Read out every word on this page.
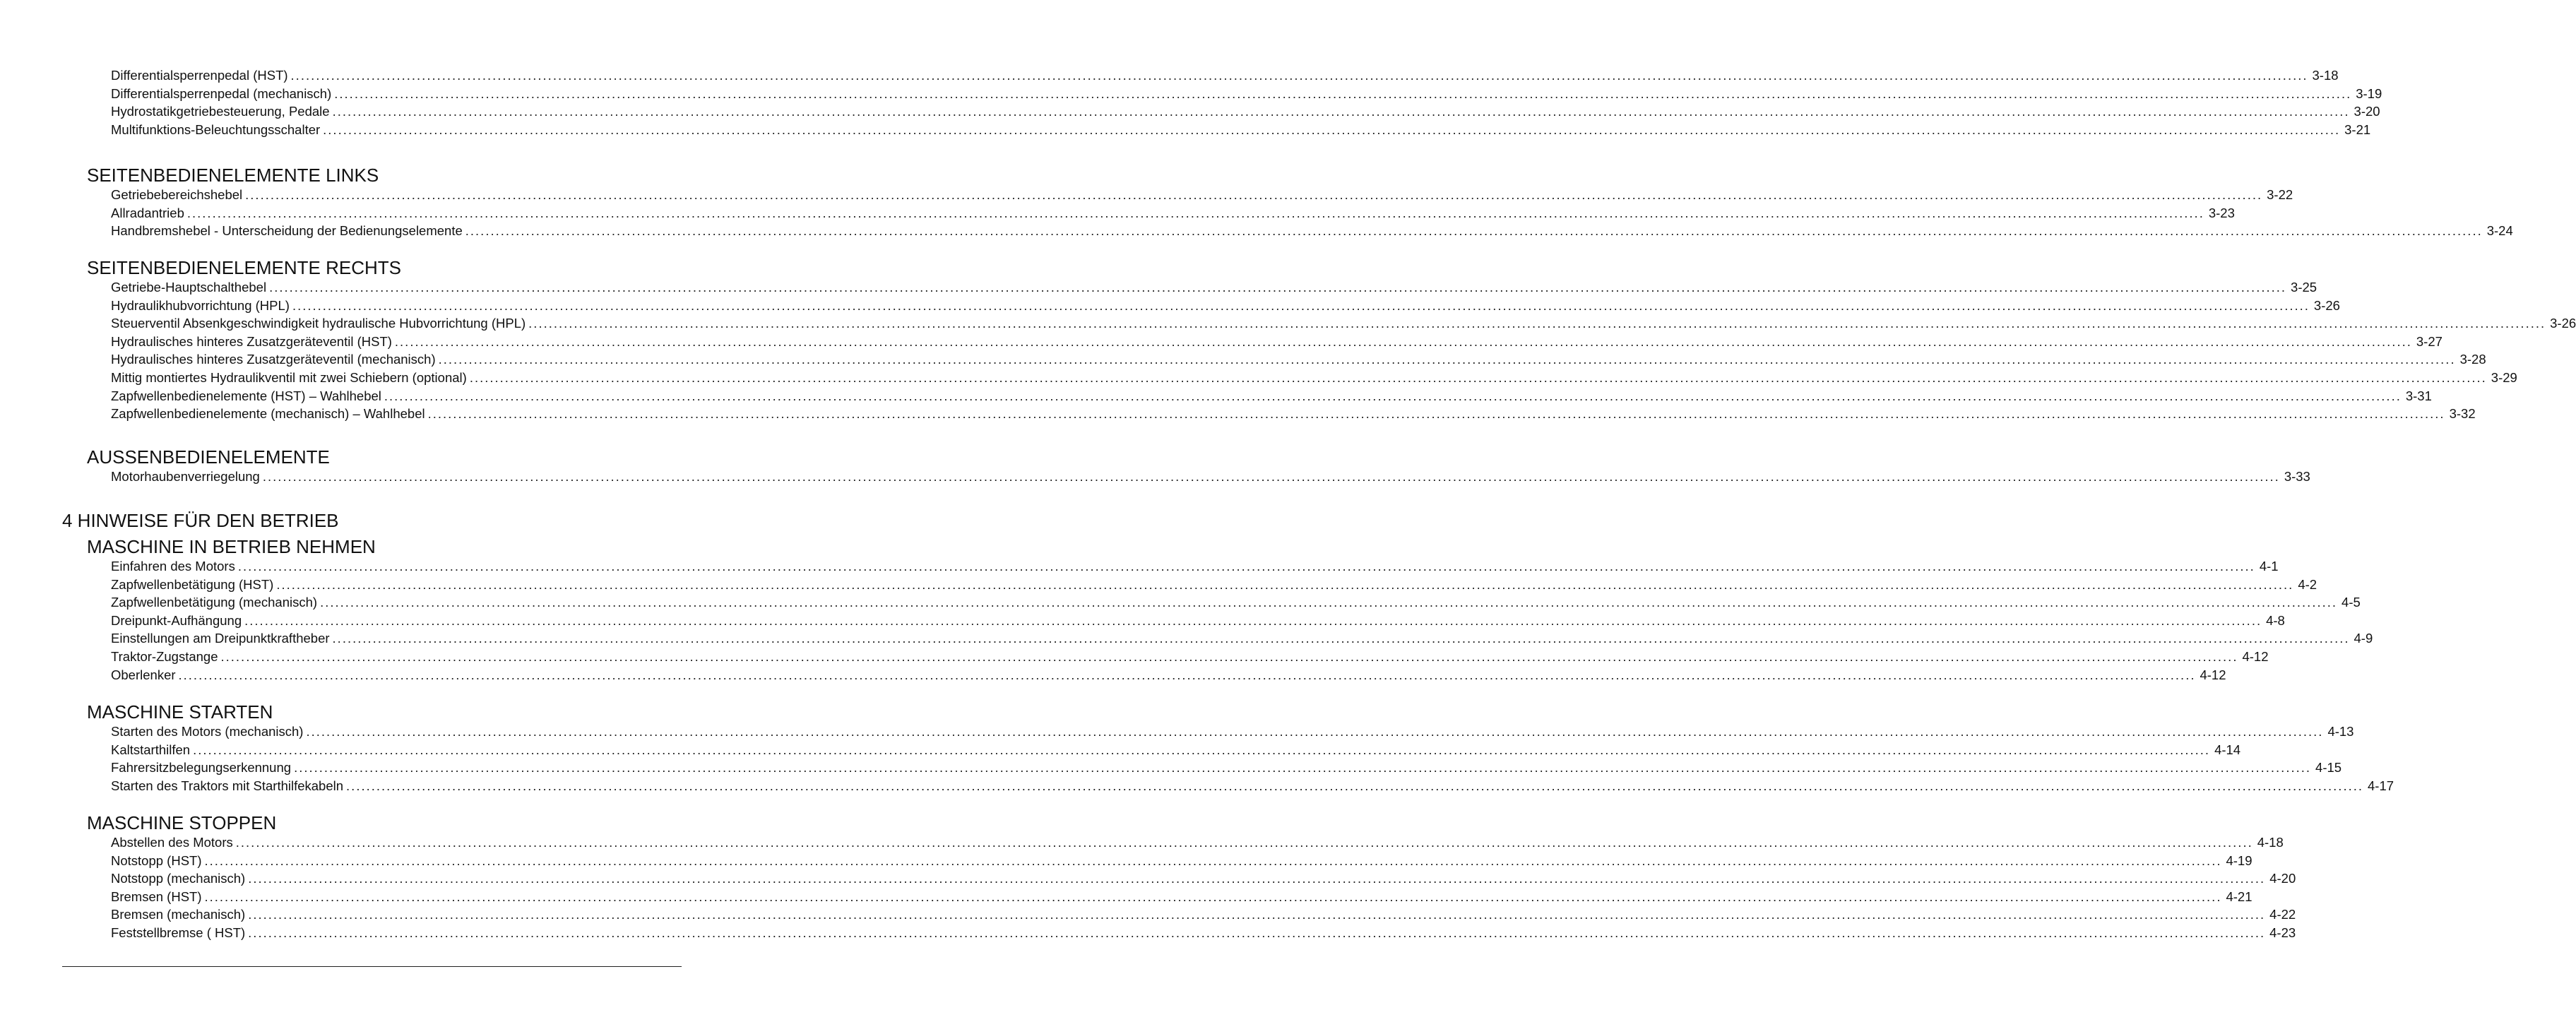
Differentialsperrenpedal (HST) ................................................................................................................................................................................................................................................................................................................................................................................................................ 3-18
Differentialsperrenpedal (mechanisch) ................................................................................................................................................................................................................................................................................................................................................................................................................ 3-19
Hydrostatikgetriebesteuerung, Pedale ................................................................................................................................................................................................................................................................................................................................................................................................................ 3-20
Multifunktions-Beleuchtungsschalter ................................................................................................................................................................................................................................................................................................................................................................................................................ 3-21
SEITENBEDIENELEMENTE LINKS
Getriebebereichshebel ................................................................................................................................................................................................................................................................................................................................................................................................................ 3-22
Allradantrieb ................................................................................................................................................................................................................................................................................................................................................................................................................ 3-23
Handbremshebel - Unterscheidung der Bedienungselemente ................................................................................................................................................................................................................................................................................................................................................................................................................ 3-24
SEITENBEDIENELEMENTE RECHTS
Getriebe-Hauptschalthebel ................................................................................................................................................................................................................................................................................................................................................................................................................ 3-25
Hydraulikhubvorrichtung (HPL) ................................................................................................................................................................................................................................................................................................................................................................................................................ 3-26
Steuerventil Absenkgeschwindigkeit hydraulische Hubvorrichtung (HPL) ................................................................................................................................................................................................................................................................................................................................................................................................................ 3-26
Hydraulisches hinteres Zusatzgeräteventil (HST) ................................................................................................................................................................................................................................................................................................................................................................................................................ 3-27
Hydraulisches hinteres Zusatzgeräteventil (mechanisch) ................................................................................................................................................................................................................................................................................................................................................................................................................ 3-28
Mittig montiertes Hydraulikventil mit zwei Schiebern (optional) ................................................................................................................................................................................................................................................................................................................................................................................................................ 3-29
Zapfwellenbedienelemente (HST) – Wahlhebel ................................................................................................................................................................................................................................................................................................................................................................................................................ 3-31
Zapfwellenbedienelemente (mechanisch) – Wahlhebel ................................................................................................................................................................................................................................................................................................................................................................................................................ 3-32
AUSSENBEDIENELEMENTE
Motorhaubenverriegelung ................................................................................................................................................................................................................................................................................................................................................................................................................ 3-33
4 HINWEISE FÜR DEN BETRIEB
MASCHINE IN BETRIEB NEHMEN
Einfahren des Motors ................................................................................................................................................................................................................................................................................................................................................................................................................ 4-1
Zapfwellenbetätigung (HST) ................................................................................................................................................................................................................................................................................................................................................................................................................ 4-2
Zapfwellenbetätigung (mechanisch) ................................................................................................................................................................................................................................................................................................................................................................................................................ 4-5
Dreipunkt-Aufhängung ................................................................................................................................................................................................................................................................................................................................................................................................................ 4-8
Einstellungen am Dreipunktkraftheber ................................................................................................................................................................................................................................................................................................................................................................................................................ 4-9
Traktor-Zugstange ................................................................................................................................................................................................................................................................................................................................................................................................................ 4-12
Oberlenker ................................................................................................................................................................................................................................................................................................................................................................................................................ 4-12
MASCHINE STARTEN
Starten des Motors (mechanisch) ................................................................................................................................................................................................................................................................................................................................................................................................................ 4-13
Kaltstarthilfen ................................................................................................................................................................................................................................................................................................................................................................................................................ 4-14
Fahrersitzbelegungserkennung ................................................................................................................................................................................................................................................................................................................................................................................................................ 4-15
Starten des Traktors mit Starthilfekabeln ................................................................................................................................................................................................................................................................................................................................................................................................................ 4-17
MASCHINE STOPPEN
Abstellen des Motors ................................................................................................................................................................................................................................................................................................................................................................................................................ 4-18
Notstopp (HST) ................................................................................................................................................................................................................................................................................................................................................................................................................ 4-19
Notstopp (mechanisch) ................................................................................................................................................................................................................................................................................................................................................................................................................ 4-20
Bremsen (HST) ................................................................................................................................................................................................................................................................................................................................................................................................................ 4-21
Bremsen (mechanisch) ................................................................................................................................................................................................................................................................................................................................................................................................................ 4-22
Feststellbremse ( HST) ................................................................................................................................................................................................................................................................................................................................................................................................................ 4-23
